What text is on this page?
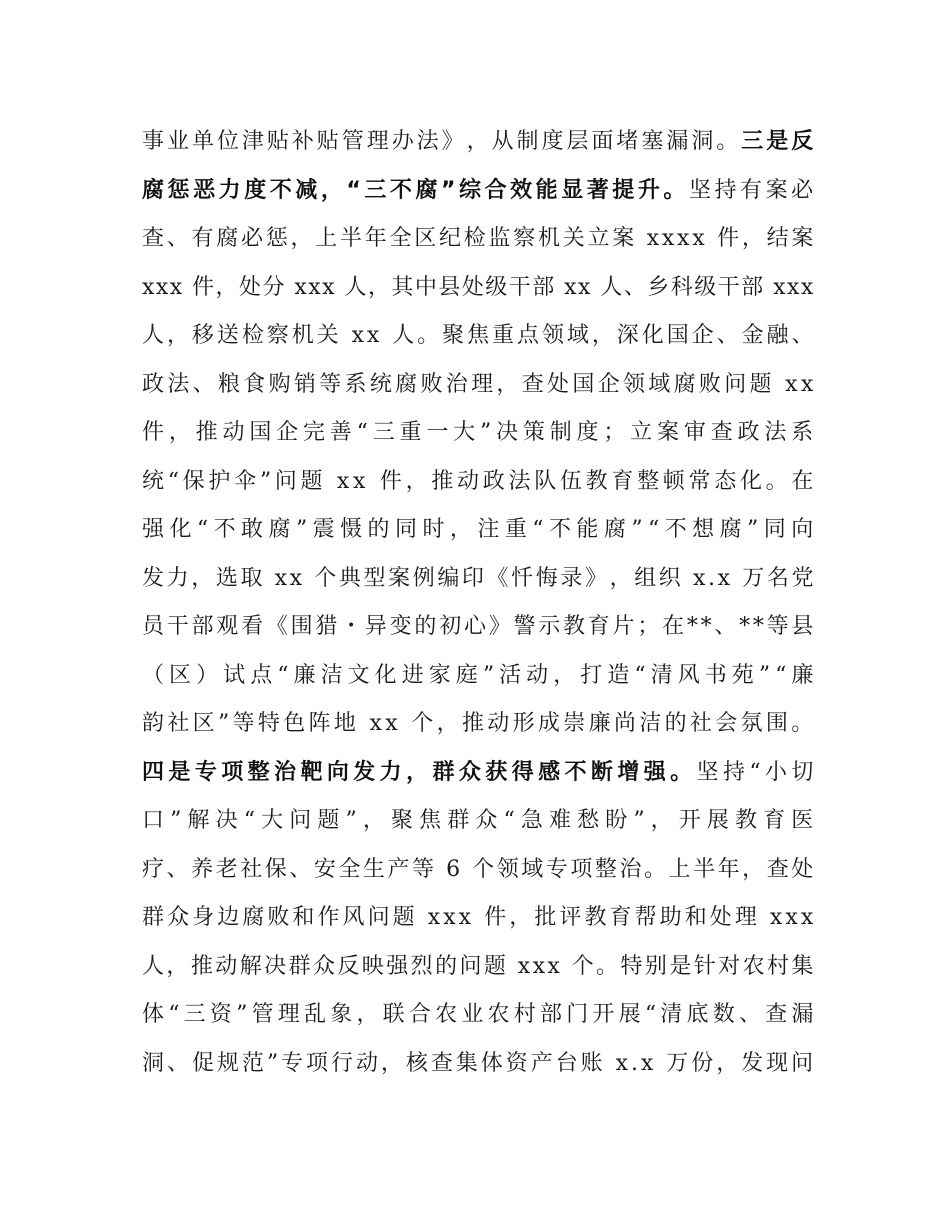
事 业 单 位 津 贴 补 贴 管 理 办 法 》 ， 从 制 度 层 面 堵 塞 漏 洞 。 三 是 反
腐 惩 恶 力 度 不 减 ， “ 三 不 腐 ” 综 合 效 能 显 著 提 升 。 坚 持 有 案 必
查 、 有 腐 必 惩 ， 上 半 年 全 区 纪 检 监 察 机 关 立 案
x x x x
件 ， 结 案
x x x
件 ， 处 分
x x x
人 ， 其 中 县 处 级 干 部
x x
人 、 乡 科 级 干 部
x x x
人 ， 移 送 检 察 机 关
x x
人 。 聚 焦 重 点 领 域 ， 深 化 国 企 、 金 融 、
政 法 、 粮 食 购 销 等 系 统 腐 败 治 理 ， 查 处 国 企 领 域 腐 败 问 题
x x
件 ， 推 动 国 企 完 善 “ 三 重 一 大 ” 决 策 制 度 ； 立 案 审 查 政 法 系
统 “ 保 护 伞 ” 问 题
x x
件 ， 推 动 政 法 队 伍 教 育 整 顿 常 态 化 。 在
强 化 “ 不 敢 腐 ” 震 慑 的 同 时 ， 注 重 “ 不 能 腐 ” “ 不 想 腐 ” 同 向
发 力 ， 选 取
x x
个 典 型 案 例 编 印 《 忏 悔 录 》 ， 组 织
x . x
万 名 党
员 干 部 观 看 《 围 猎 ・ 异 变 的 初 心 》 警 示 教 育 片 ； 在 * * 、 * * 等 县
（ 区 ） 试 点 “ 廉 洁 文 化 进 家 庭 ” 活 动 ， 打 造 “ 清 风 书 苑 ” “ 廉
韵 社 区 ” 等 特 色 阵 地
x x
个 ， 推 动 形 成 崇 廉 尚 洁 的 社 会 氛 围 。
四 是 专 项 整 治 靶 向 发 力 ， 群 众 获 得 感 不 断 增 强 。 坚 持 “ 小 切
口 ” 解 决 “ 大 问 题 ” ， 聚 焦 群 众 “ 急 难 愁 盼 ” ， 开 展 教 育 医
疗 、 养 老 社 保 、 安 全 生 产 等
6
个 领 域 专 项 整 治 。 上 半 年 ， 查 处
群 众 身 边 腐 败 和 作 风 问 题
x x x
件 ， 批 评 教 育 帮 助 和 处 理
x x x
人 ， 推 动 解 决 群 众 反 映 强 烈 的 问 题
x x x
个 。 特 别 是 针 对 农 村 集
体 “ 三 资 ” 管 理 乱 象 ， 联 合 农 业 农 村 部 门 开 展 “ 清 底 数 、 查 漏
洞 、 促 规 范 ” 专 项 行 动 ， 核 查 集 体 资 产 台 账
x . x
万 份 ， 发 现 问
